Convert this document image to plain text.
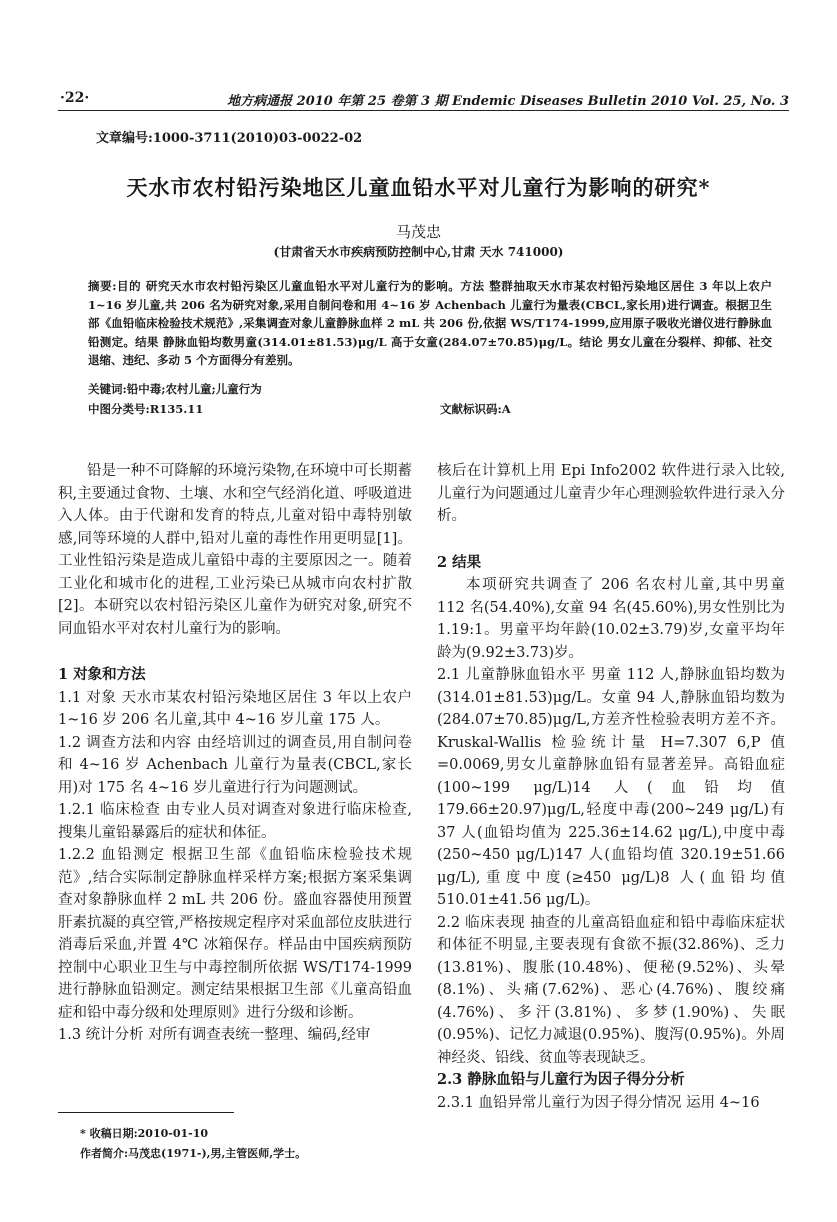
·22·	地方病通报 2010 年第 25 卷第 3 期 Endemic Diseases Bulletin 2010 Vol. 25, No. 3
文章编号:1000-3711(2010)03-0022-02
天水市农村铅污染地区儿童血铅水平对儿童行为影响的研究*
马茂忠
(甘肃省天水市疾病预防控制中心,甘肃 天水 741000)
摘要:目的 研究天水市农村铅污染区儿童血铅水平对儿童行为的影响。方法 整群抽取天水市某农村铅污染地区居住 3 年以上农户 1~16 岁儿童,共 206 名为研究对象,采用自制问卷和用 4~16 岁 Achenbach 儿童行为量表(CBCL,家长用)进行调查。根据卫生部《血铅临床检验技术规范》,采集调查对象儿童静脉血样 2 mL 共 206 份,依据 WS/T174-1999,应用原子吸收光谱仪进行静脉血铅测定。结果 静脉血铅均数男童(314.01±81.53)μg/L 高于女童(284.07±70.85)μg/L。结论 男女儿童在分裂样、抑郁、社交退缩、违纪、多动 5 个方面得分有差别。
关键词:铅中毒;农村儿童;儿童行为
中图分类号:R135.11	文献标识码:A

铅是一种不可降解的环境污染物,在环境中可长期蓄积,主要通过食物、土壤、水和空气经消化道、呼吸道进入人体。由于代谢和发育的特点,儿童对铅中毒特别敏感,同等环境的人群中,铅对儿童的毒性作用更明显[1]。工业性铅污染是造成儿童铅中毒的主要原因之一。随着工业化和城市化的进程,工业污染已从城市向农村扩散[2]。本研究以农村铅污染区儿童作为研究对象,研究不同血铅水平对农村儿童行为的影响。

1 对象和方法

1.1 对象 天水市某农村铅污染地区居住 3 年以上农户 1~16 岁 206 名儿童,其中 4~16 岁儿童 175 人。

1.2 调查方法和内容 由经培训过的调查员,用自制问卷和 4~16 岁 Achenbach 儿童行为量表(CBCL,家长用)对 175 名 4~16 岁儿童进行行为问题测试。

1.2.1 临床检查 由专业人员对调查对象进行临床检查,搜集儿童铅暴露后的症状和体征。

1.2.2 血铅测定 根据卫生部《血铅临床检验技术规范》,结合实际制定静脉血样采样方案;根据方案采集调查对象静脉血样 2 mL 共 206 份。盛血容器使用预置肝素抗凝的真空管,严格按规定程序对采血部位皮肤进行消毒后采血,并置 4℃ 冰箱保存。样品由中国疾病预防控制中心职业卫生与中毒控制所依据 WS/T174-1999 进行静脉血铅测定。测定结果根据卫生部《儿童高铅血症和铅中毒分级和处理原则》进行分级和诊断。

1.3 统计分析 对所有调查表统一整理、编码,经审

核后在计算机上用 Epi Info2002 软件进行录入比较,儿童行为问题通过儿童青少年心理测验软件进行录入分析。

2 结果

本项研究共调查了 206 名农村儿童,其中男童 112 名(54.40%),女童 94 名(45.60%),男女性别比为 1.19:1。男童平均年龄(10.02±3.79)岁,女童平均年龄为(9.92±3.73)岁。

2.1 儿童静脉血铅水平 男童 112 人,静脉血铅均数为(314.01±81.53)μg/L。女童 94 人,静脉血铅均数为(284.07±70.85)μg/L,方差齐性检验表明方差不齐。Kruskal-Wallis 检验统计量 H=7.307 6,P 值=0.0069,男女儿童静脉血铅有显著差异。高铅血症(100~199 μg/L)14 人(血铅均值 179.66±20.97)μg/L,轻度中毒(200~249 μg/L)有 37 人(血铅均值为 225.36±14.62 μg/L),中度中毒(250~450 μg/L)147 人(血铅均值 320.19±51.66 μg/L),重度中度(≥450 μg/L)8 人(血铅均值 510.01±41.56 μg/L)。

2.2 临床表现 抽查的儿童高铅血症和铅中毒临床症状和体征不明显,主要表现有食欲不振(32.86%)、乏力(13.81%)、腹胀(10.48%)、便秘(9.52%)、头晕(8.1%)、头痛(7.62%)、恶心(4.76%)、腹绞痛(4.76%)、多汗(3.81%)、多梦(1.90%)、失眠(0.95%)、记忆力减退(0.95%)、腹泻(0.95%)。外周神经炎、铅线、贫血等表现缺乏。

2.3 静脉血铅与儿童行为因子得分分析

2.3.1 血铅异常儿童行为因子得分情况 运用 4~16

* 收稿日期:2010-01-10
作者简介:马茂忠(1971-),男,主管医师,学士。
